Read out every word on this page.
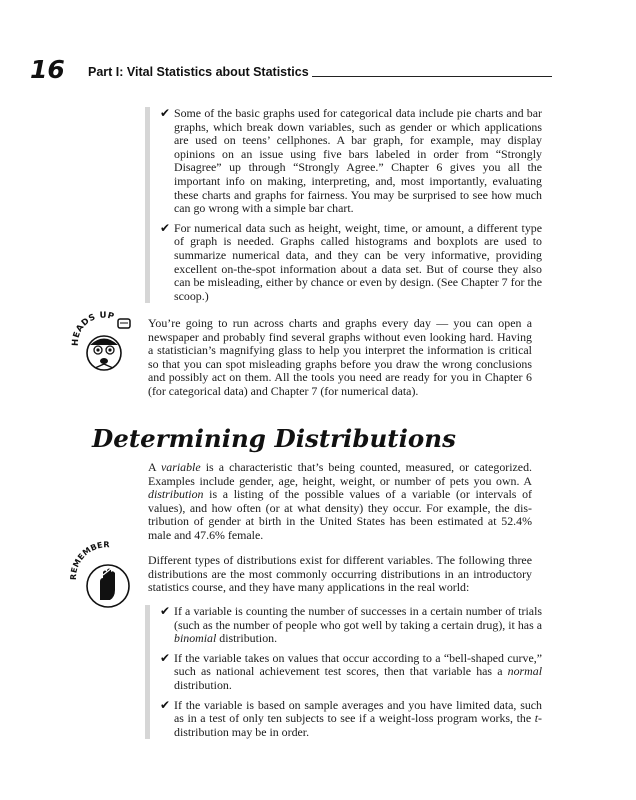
16 Part I: Vital Statistics about Statistics
✔ Some of the basic graphs used for categorical data include pie charts and bar graphs, which break down variables, such as gender or which applications are used on teens’ cellphones. A bar graph, for example, may display opinions on an issue using five bars labeled in order from “Strongly Disagree” up through “Strongly Agree.” Chapter 6 gives you all the important info on making, interpreting, and, most importantly, evaluating these charts and graphs for fairness. You may be surprised to see how much can go wrong with a simple bar chart.
✔ For numerical data such as height, weight, time, or amount, a different type of graph is needed. Graphs called histograms and boxplots are used to summarize numerical data, and they can be very informative, providing excellent on-the-spot information about a data set. But of course they also can be misleading, either by chance or even by design. (See Chapter 7 for the scoop.)
HEADS UP	You’re going to run across charts and graphs every day — you can open a newspaper and probably find several graphs without even looking hard. Having a statistician’s magnifying glass to help you interpret the information is critical so that you can spot misleading graphs before you draw the wrong conclusions and possibly act on them. All the tools you need are ready for you in Chapter 6 (for categorical data) and Chapter 7 (for numerical data).
Determining Distributions
A variable is a characteristic that’s being counted, measured, or categorized. Examples include gender, age, height, weight, or number of pets you own. A distribution is a listing of the possible values of a variable (or intervals of values), and how often (or at what density) they occur. For example, the distribution of gender at birth in the United States has been estimated at 52.4% male and 47.6% female.
EMEMBER
Different types of distributions exist for different variables. The following three distributions are the most commonly occurring distributions in an introductory statistics course, and they have many applications in the real world:
✔ If a variable is counting the number of successes in a certain number of trials (such as the number of people who got well by taking a certain drug), it has a binomial distribution.
✔ If the variable takes on values that occur according to a “bell-shaped curve,” such as national achievement test scores, then that variable has a normal distribution.
✔ If the variable is based on sample averages and you have limited data, such as in a test of only ten subjects to see if a weight-loss program works, the t-distribution may be in order.
